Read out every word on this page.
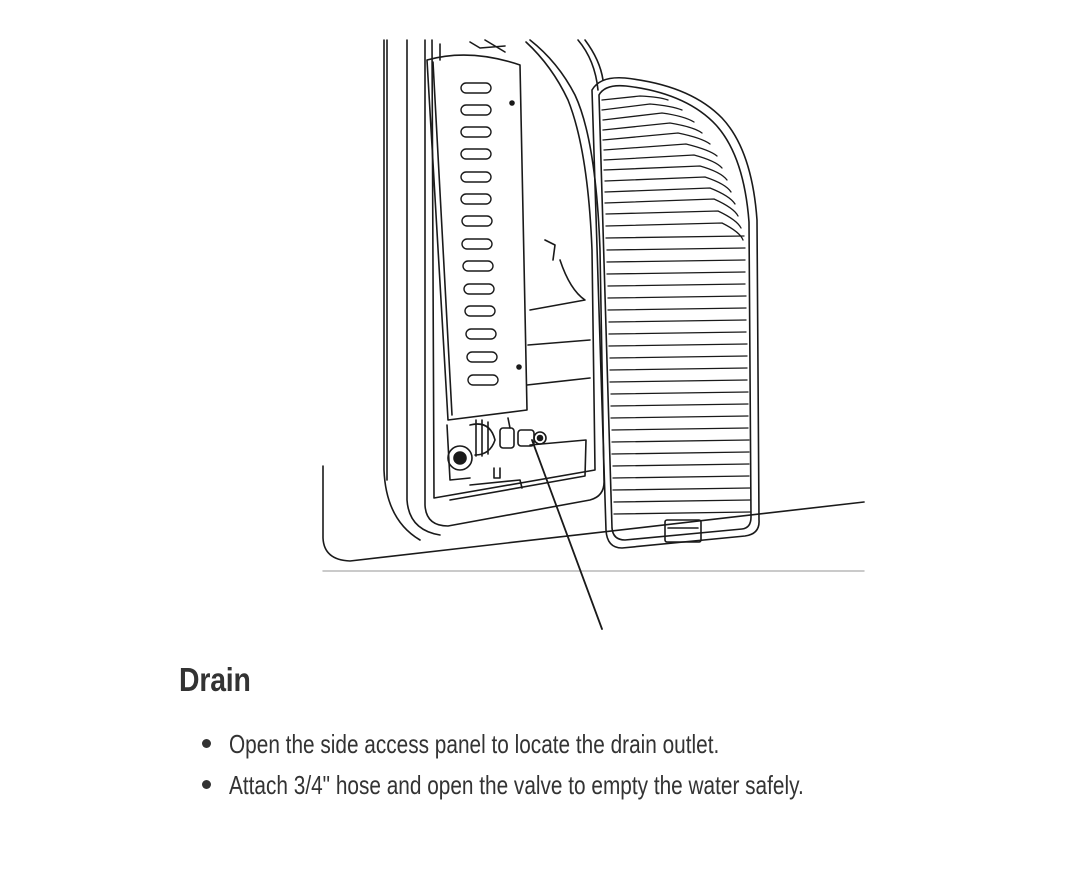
Drain
Open the side access panel to locate the drain outlet.
Attach 3/4" hose and open the valve to empty the water safely.
